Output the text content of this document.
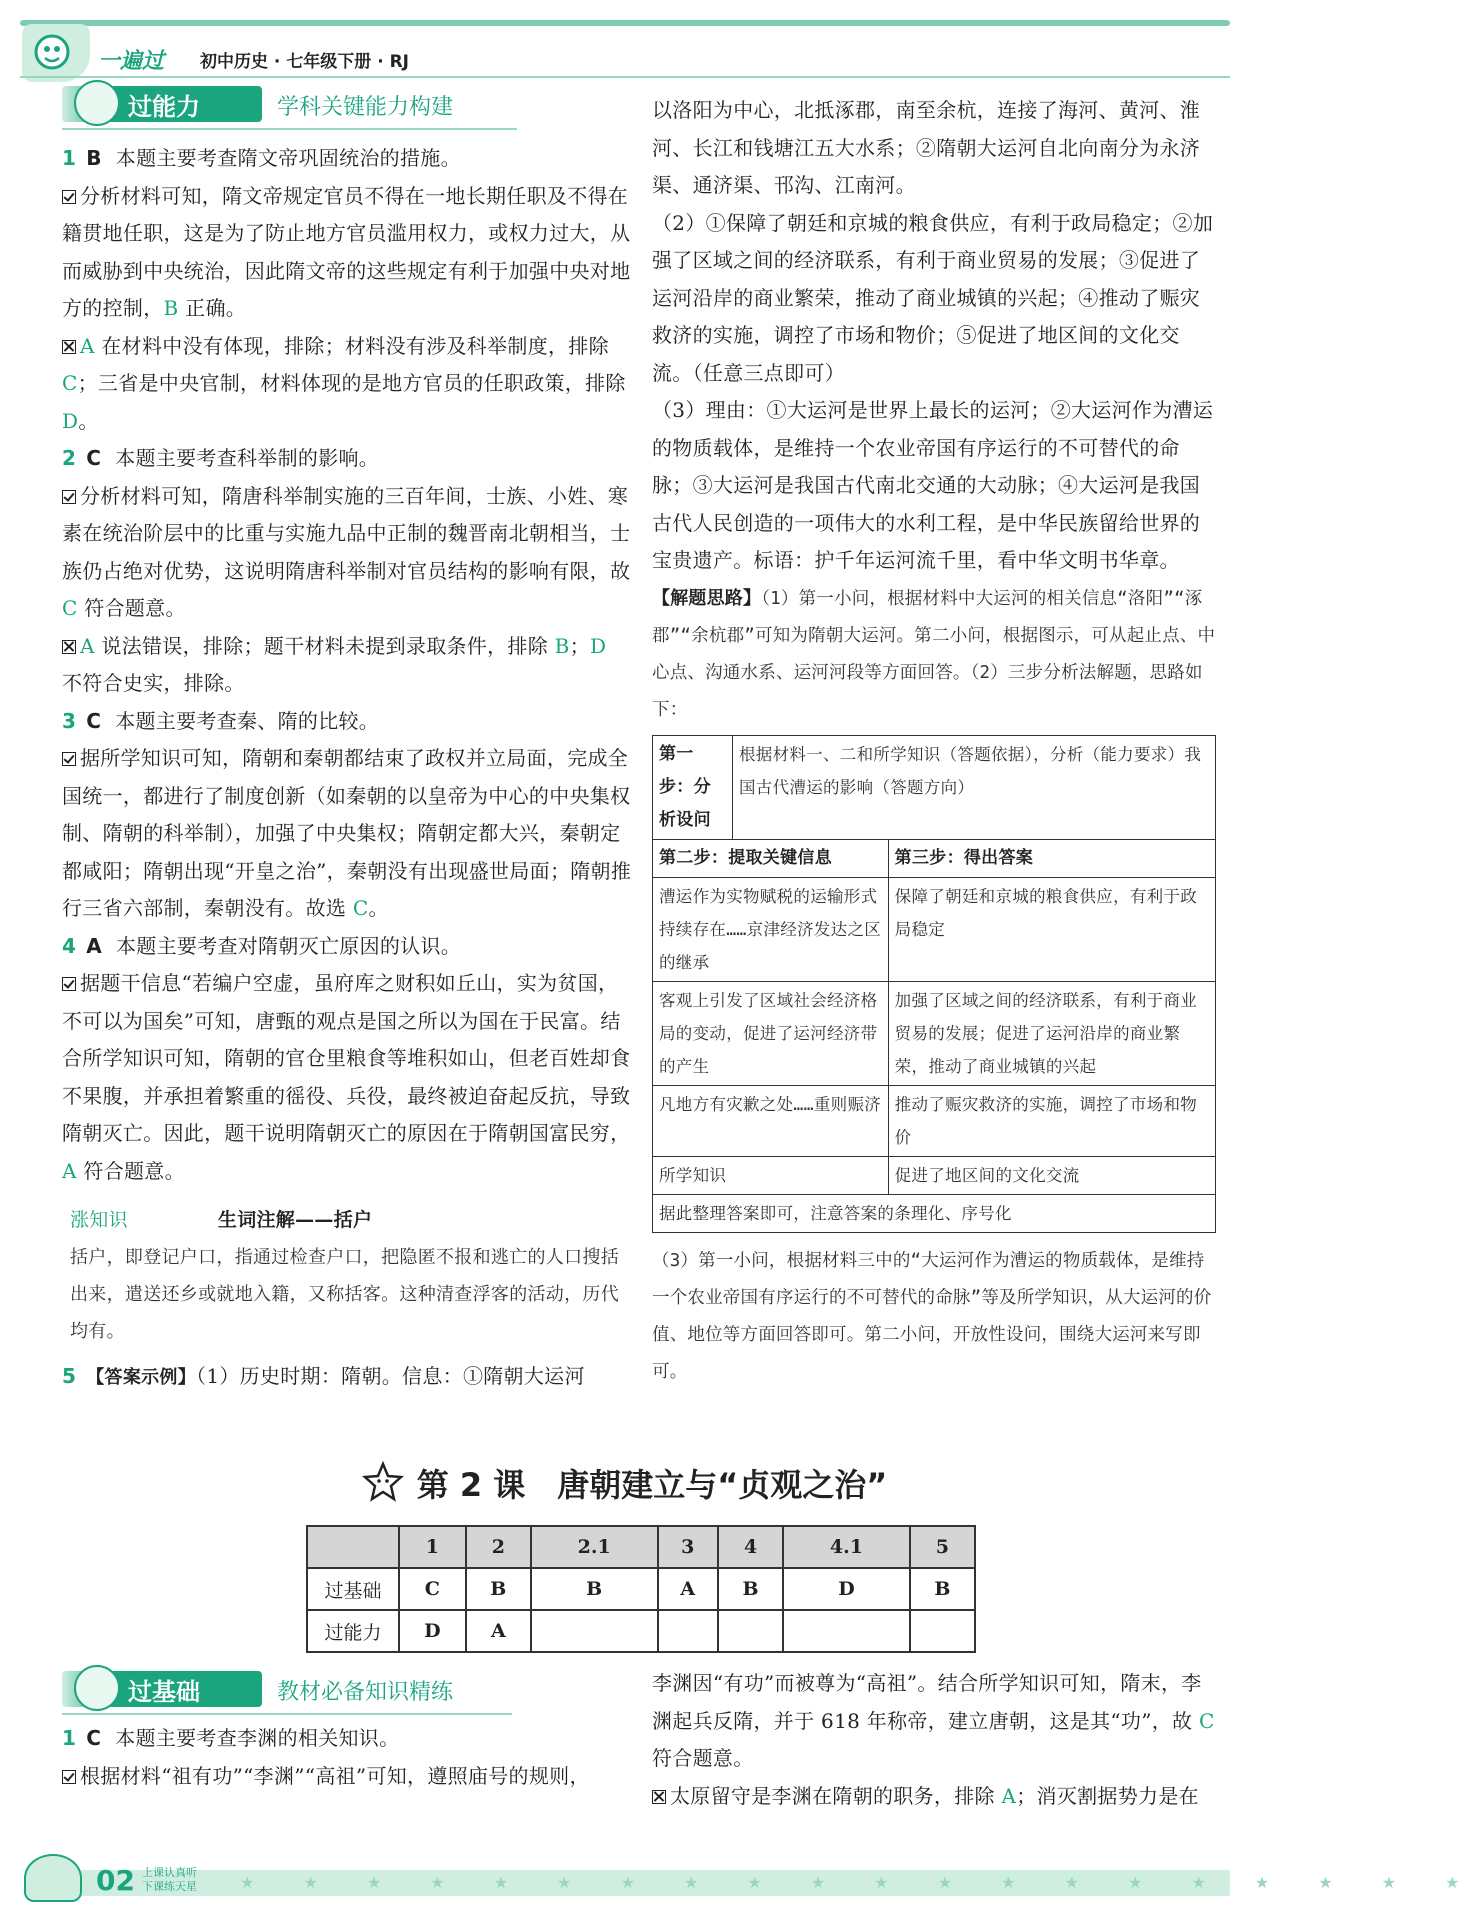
一遍过 初中历史 · 七年级下册 · RJ
过能力	学科关键能力构建
1 B 本题主要考查隋文帝巩固统治的措施。
分析材料可知，隋文帝规定官员不得在一地长期任职及不得在籍贯地任职，这是为了防止地方官员滥用权力，或权力过大，从而威胁到中央统治，因此隋文帝的这些规定有利于加强中央对地方的控制，B 正确。
A 在材料中没有体现，排除；材料没有涉及科举制度，排除 C；三省是中央官制，材料体现的是地方官员的任职政策，排除 D。
2 C 本题主要考查科举制的影响。
分析材料可知，隋唐科举制实施的三百年间，士族、小姓、寒素在统治阶层中的比重与实施九品中正制的魏晋南北朝相当，士族仍占绝对优势，这说明隋唐科举制对官员结构的影响有限，故 C 符合题意。
A 说法错误，排除；题干材料未提到录取条件，排除 B；D 不符合史实，排除。
3 C 本题主要考查秦、隋的比较。
据所学知识可知，隋朝和秦朝都结束了政权并立局面，完成全国统一，都进行了制度创新（如秦朝的以皇帝为中心的中央集权制、隋朝的科举制），加强了中央集权；隋朝定都大兴，秦朝定都咸阳；隋朝出现“开皇之治”，秦朝没有出现盛世局面；隋朝推行三省六部制，秦朝没有。故选 C。
4 A 本题主要考查对隋朝灭亡原因的认识。
据题干信息“若编户空虚，虽府库之财积如丘山，实为贫国，不可以为国矣”可知，唐甄的观点是国之所以为国在于民富。结合所学知识可知，隋朝的官仓里粮食等堆积如山，但老百姓却食不果腹，并承担着繁重的徭役、兵役，最终被迫奋起反抗，导致隋朝灭亡。因此，题干说明隋朝灭亡的原因在于隋朝国富民穷，A 符合题意。
涨知识	生词注解——括户
括户，即登记户口，指通过检查户口，把隐匿不报和逃亡的人口搜括出来，遣送还乡或就地入籍，又称括客。这种清查浮客的活动，历代均有。
5 【答案示例】（1）历史时期：隋朝。信息：①隋朝大运河
以洛阳为中心，北抵涿郡，南至余杭，连接了海河、黄河、淮河、长江和钱塘江五大水系；②隋朝大运河自北向南分为永济渠、通济渠、邗沟、江南河。
（2）①保障了朝廷和京城的粮食供应，有利于政局稳定；②加强了区域之间的经济联系，有利于商业贸易的发展；③促进了运河沿岸的商业繁荣，推动了商业城镇的兴起；④推动了赈灾救济的实施，调控了市场和物价；⑤促进了地区间的文化交流。（任意三点即可）
（3）理由：①大运河是世界上最长的运河；②大运河作为漕运的物质载体，是维持一个农业帝国有序运行的不可替代的命脉；③大运河是我国古代南北交通的大动脉；④大运河是我国古代人民创造的一项伟大的水利工程，是中华民族留给世界的宝贵遗产。标语：护千年运河流千里，看中华文明书华章。
【解题思路】（1）第一小问，根据材料中大运河的相关信息“洛阳”“涿郡”“余杭郡”可知为隋朝大运河。第二小问，根据图示，可从起止点、中心点、沟通水系、运河河段等方面回答。（2）三步分析法解题，思路如下：
第一步：分析设问	根据材料一、二和所学知识（答题依据），分析（能力要求）我国古代漕运的影响（答题方向）	
第二步：提取关键信息		第三步：得出答案
漕运作为实物赋税的运输形式持续存在……京津经济发达之区的继承		保障了朝廷和京城的粮食供应，有利于政局稳定
客观上引发了区域社会经济格局的变动，促进了运河经济带的产生		加强了区域之间的经济联系，有利于商业贸易的发展；促进了运河沿岸的商业繁荣，推动了商业城镇的兴起
凡地方有灾歉之处……重则赈济		推动了赈灾救济的实施，调控了市场和物价
所学知识		促进了地区间的文化交流
据此整理答案即可，注意答案的条理化、序号化		
（3）第一小问，根据材料三中的“大运河作为漕运的物质载体，是维持一个农业帝国有序运行的不可替代的命脉”等及所学知识，从大运河的价值、地位等方面回答即可。第二小问，开放性设问，围绕大运河来写即可。
第 2 课　唐朝建立与“贞观之治”
	1	2	2.1	3	4	4.1	5
过基础	C	B	B	A	B	D	B
过能力	D	A					
过基础	教材必备知识精练
1 C 本题主要考查李渊的相关知识。
根据材料“祖有功”“李渊”“高祖”可知，遵照庙号的规则，
李渊因“有功”而被尊为“高祖”。结合所学知识可知，隋末，李渊起兵反隋，并于 618 年称帝，建立唐朝，这是其“功”，故 C 符合题意。
太原留守是李渊在隋朝的职务，排除 A；消灭割据势力是在
02 上课认真听
下课练天星	★ ★ ★ ★ ★ ★ ★ ★ ★ ★ ★ ★ ★ ★ ★ ★ ★ ★ ★ ★
